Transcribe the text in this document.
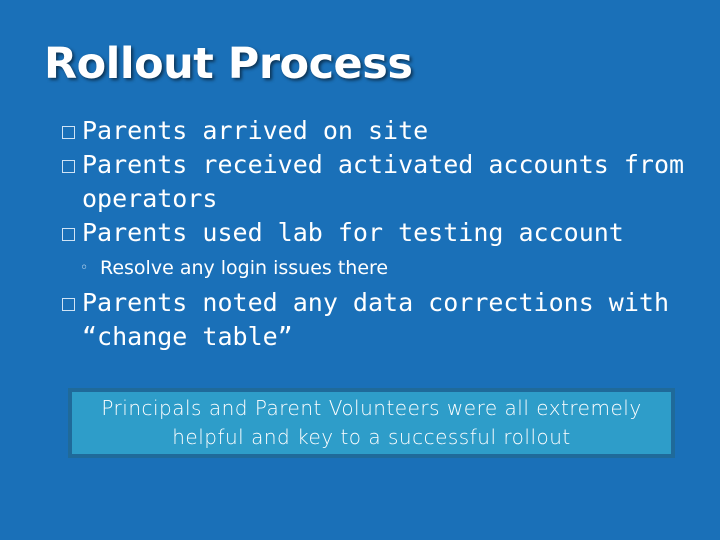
Rollout Process
Parents arrived on site
Parents received activated accounts from operators
Parents used lab for testing account
◦ Resolve any login issues there
Parents noted any data corrections with “change table”
Principals and Parent Volunteers were all extremely helpful and key to a successful rollout
